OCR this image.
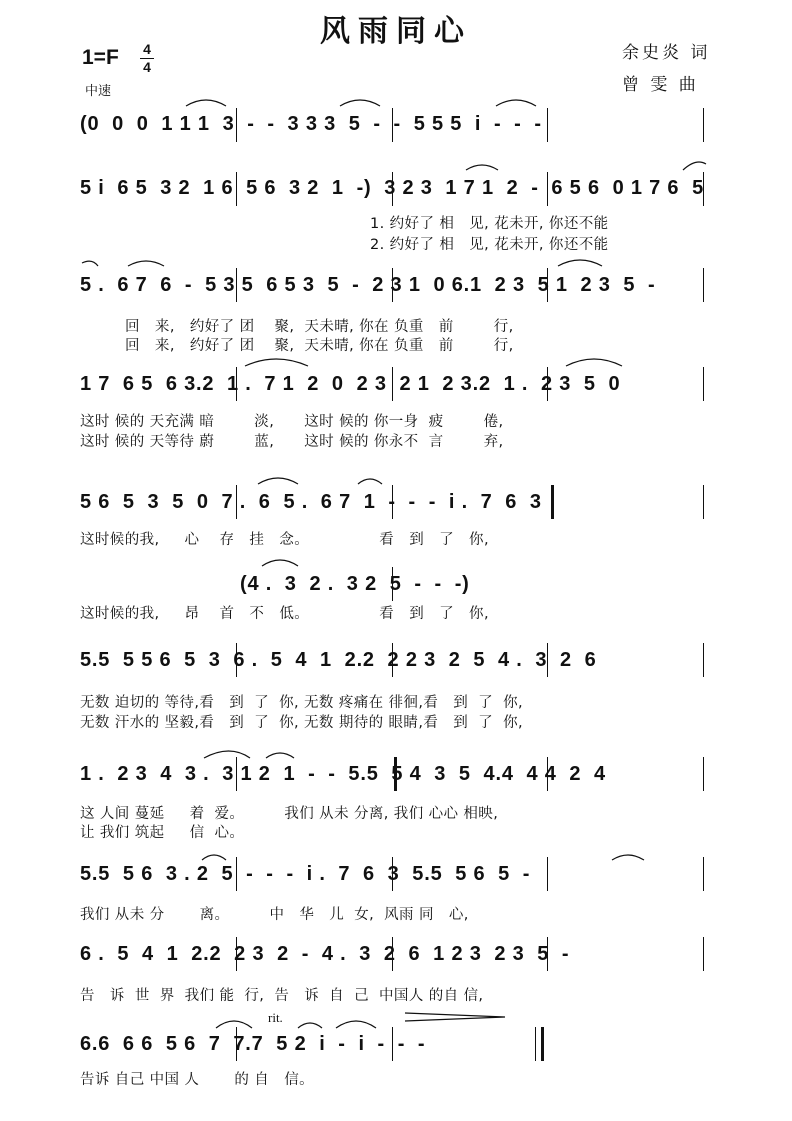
风雨同心
1=F 4
4
中速
余史炎 词
曾 雯 曲
(0  0  0  1 1 1  3  -  -  3 3 3  5  -  -  5 5 5  i  -  -  -
5 i  6 5  3 2  1 6  5 6  3 2  1  -)  3 2 3  1 7 1  2  -  6 5 6  0 1 7 6  5
1. 约好了 相   见, 花未开, 你还不能
2. 约好了 相   见, 花未开, 你还不能
5 .  6 7  6  -  5 3 5  6 5 3  5  -  2 3 1  0 6.1  2 3  5 1  2 3  5  -
回   来,   约好了 团    聚,  天未晴, 你在 负重   前        行,
回   来,   约好了 团    聚,  天未晴, 你在 负重   前        行,
1 7  6 5  6 3.2  1 .  7 1  2  0  2 3  2 1  2 3.2  1 .  2 3  5  0
这时 候的 天充满 暗        淡,      这时 候的 你一身  疲        倦,
这时 候的 天等待 蔚        蓝,      这时 候的 你永不  言        弃,
5 6  5  3  5  0  7 .  6  5 .  6 7  1  -  -  -  i .  7  6  3
这时候的我,     心    存   挂   念。              看   到   了   你,
(4 .  3  2 .  3 2  5  -  -  -)
这时候的我,     昂    首   不   低。              看   到   了   你,
5.5  5 5 6  5  3  6 .  5  4  1  2.2  2 2 3  2  5  4 .  3  2  6
无数 迫切的 等待,看   到  了  你, 无数 疼痛在 徘徊,看   到  了  你,
无数 汗水的 坚毅,看   到  了  你, 无数 期待的 眼睛,看   到  了  你,
1 .  2 3  4  3 .  3 1 2  1  -  -  5.5  5 4  3  5  4.4  4 4  2  4
这 人间 蔓延     着  爱。        我们 从未 分离, 我们 心心 相映,
让 我们 筑起     信  心。
5.5  5 6  3 . 2  5  -  -  -  i .  7  6  3  5.5  5 6  5  -
我们 从未 分       离。        中   华   儿  女,  风雨 同   心,
6 .  5  4  1  2.2  2 3  2  -  4 .  3  2  6  1 2 3  2 3  5  -
告   诉  世  界  我们 能  行,  告   诉  自  己  中国人 的自 信,
rit.
6.6  6 6  5 6  7  7.7  5 2  i  -  i  -  -  -
告诉 自己 中国 人       的 自   信。
